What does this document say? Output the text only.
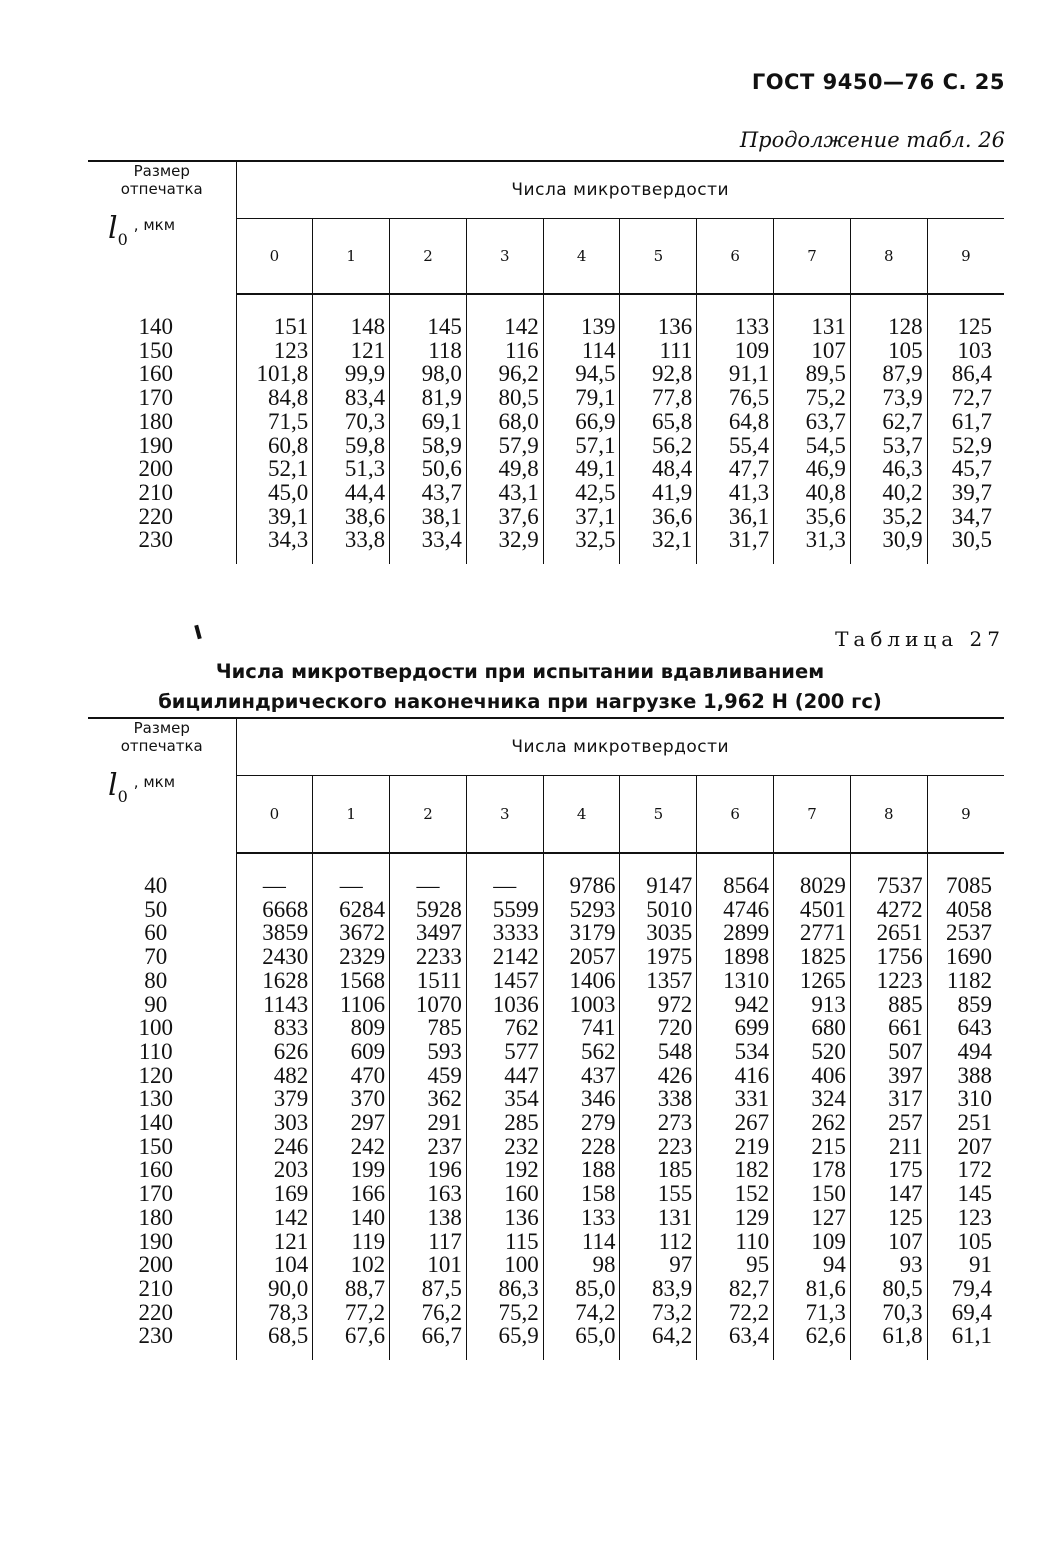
ГОСТ 9450—76 С. 25
Продолжение табл. 26

Размер
отпечатка
$l_0$, мкм	Числа микротвердости									
	0	1	2	3	4	5	6	7	8	9

140	151	148	145	142	139	136	133	131	128	125
150	123	121	118	116	114	111	109	107	105	103
160	101,8	99,9	98,0	96,2	94,5	92,8	91,1	89,5	87,9	86,4
170	84,8	83,4	81,9	80,5	79,1	77,8	76,5	75,2	73,9	72,7
180	71,5	70,3	69,1	68,0	66,9	65,8	64,8	63,7	62,7	61,7
190	60,8	59,8	58,9	57,9	57,1	56,2	55,4	54,5	53,7	52,9
200	52,1	51,3	50,6	49,8	49,1	48,4	47,7	46,9	46,3	45,7
210	45,0	44,4	43,7	43,1	42,5	41,9	41,3	40,8	40,2	39,7
220	39,1	38,6	38,1	37,6	37,1	36,6	36,1	35,6	35,2	34,7
230	34,3	33,8	33,4	32,9	32,5	32,1	31,7	31,3	30,9	30,5

Таблица 27
Числа микротвердости при испытании вдавливанием
бицилиндрического наконечника при нагрузке 1,962 Н (200 гс)

Размер
отпечатка
$l_0$, мкм	Числа микротвердости									
	0	1	2	3	4	5	6	7	8	9

40	—	—	—	—	9786	9147	8564	8029	7537	7085
50	6668	6284	5928	5599	5293	5010	4746	4501	4272	4058
60	3859	3672	3497	3333	3179	3035	2899	2771	2651	2537
70	2430	2329	2233	2142	2057	1975	1898	1825	1756	1690
80	1628	1568	1511	1457	1406	1357	1310	1265	1223	1182
90	1143	1106	1070	1036	1003	972	942	913	885	859
100	833	809	785	762	741	720	699	680	661	643
110	626	609	593	577	562	548	534	520	507	494
120	482	470	459	447	437	426	416	406	397	388
130	379	370	362	354	346	338	331	324	317	310
140	303	297	291	285	279	273	267	262	257	251
150	246	242	237	232	228	223	219	215	211	207
160	203	199	196	192	188	185	182	178	175	172
170	169	166	163	160	158	155	152	150	147	145
180	142	140	138	136	133	131	129	127	125	123
190	121	119	117	115	114	112	110	109	107	105
200	104	102	101	100	98	97	95	94	93	91
210	90,0	88,7	87,5	86,3	85,0	83,9	82,7	81,6	80,5	79,4
220	78,3	77,2	76,2	75,2	74,2	73,2	72,2	71,3	70,3	69,4
230	68,5	67,6	66,7	65,9	65,0	64,2	63,4	62,6	61,8	61,1
